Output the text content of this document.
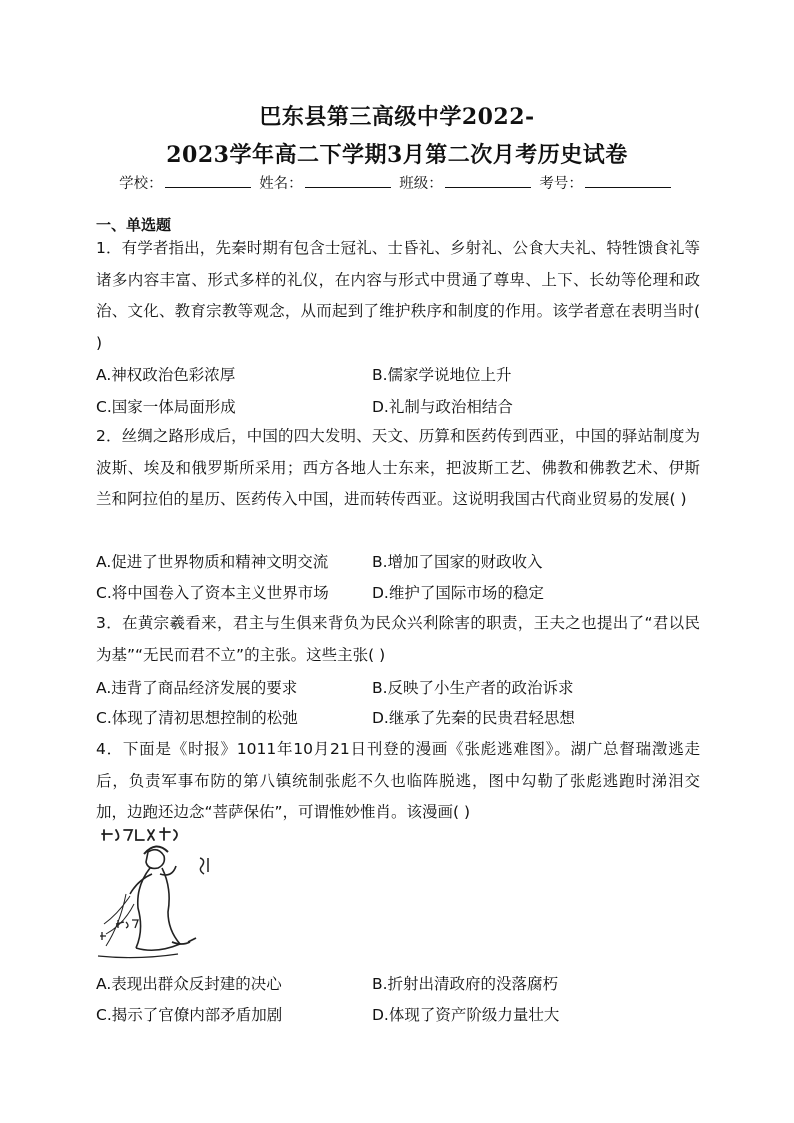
巴东县第三高级中学2022-
2023学年高二下学期3月第二次月考历史试卷
学校：	姓名：	班级：	考号：
一、单选题
1．有学者指出，先秦时期有包含士冠礼、士昏礼、乡射礼、公食大夫礼、特牲馈食礼等诸多内容丰富、形式多样的礼仪，在内容与形式中贯通了尊卑、上下、长幼等伦理和政治、文化、教育宗教等观念，从而起到了维护秩序和制度的作用。该学者意在表明当时( )
A.神权政治色彩浓厚	B.儒家学说地位上升
C.国家一体局面形成	D.礼制与政治相结合
2．丝绸之路形成后，中国的四大发明、天文、历算和医药传到西亚，中国的驿站制度为波斯、埃及和俄罗斯所采用；西方各地人士东来，把波斯工艺、佛教和佛教艺术、伊斯兰和阿拉伯的星历、医药传入中国，进而转传西亚。这说明我国古代商业贸易的发展( )
A.促进了世界物质和精神文明交流	B.增加了国家的财政收入
C.将中国卷入了资本主义世界市场	D.维护了国际市场的稳定
3．在黄宗羲看来，君主与生俱来背负为民众兴利除害的职责，王夫之也提出了“君以民为基”“无民而君不立”的主张。这些主张( )
A.违背了商品经济发展的要求	B.反映了小生产者的政治诉求
C.体现了清初思想控制的松弛	D.继承了先秦的民贵君轻思想
4．下面是《时报》1011年10月21日刊登的漫画《张彪逃难图》。湖广总督瑞澂逃走后，负责军事布防的第八镇统制张彪不久也临阵脱逃，图中勾勒了张彪逃跑时涕泪交加，边跑还边念“菩萨保佑”，可谓惟妙惟肖。该漫画( )
A.表现出群众反封建的决心	B.折射出清政府的没落腐朽
C.揭示了官僚内部矛盾加剧	D.体现了资产阶级力量壮大
